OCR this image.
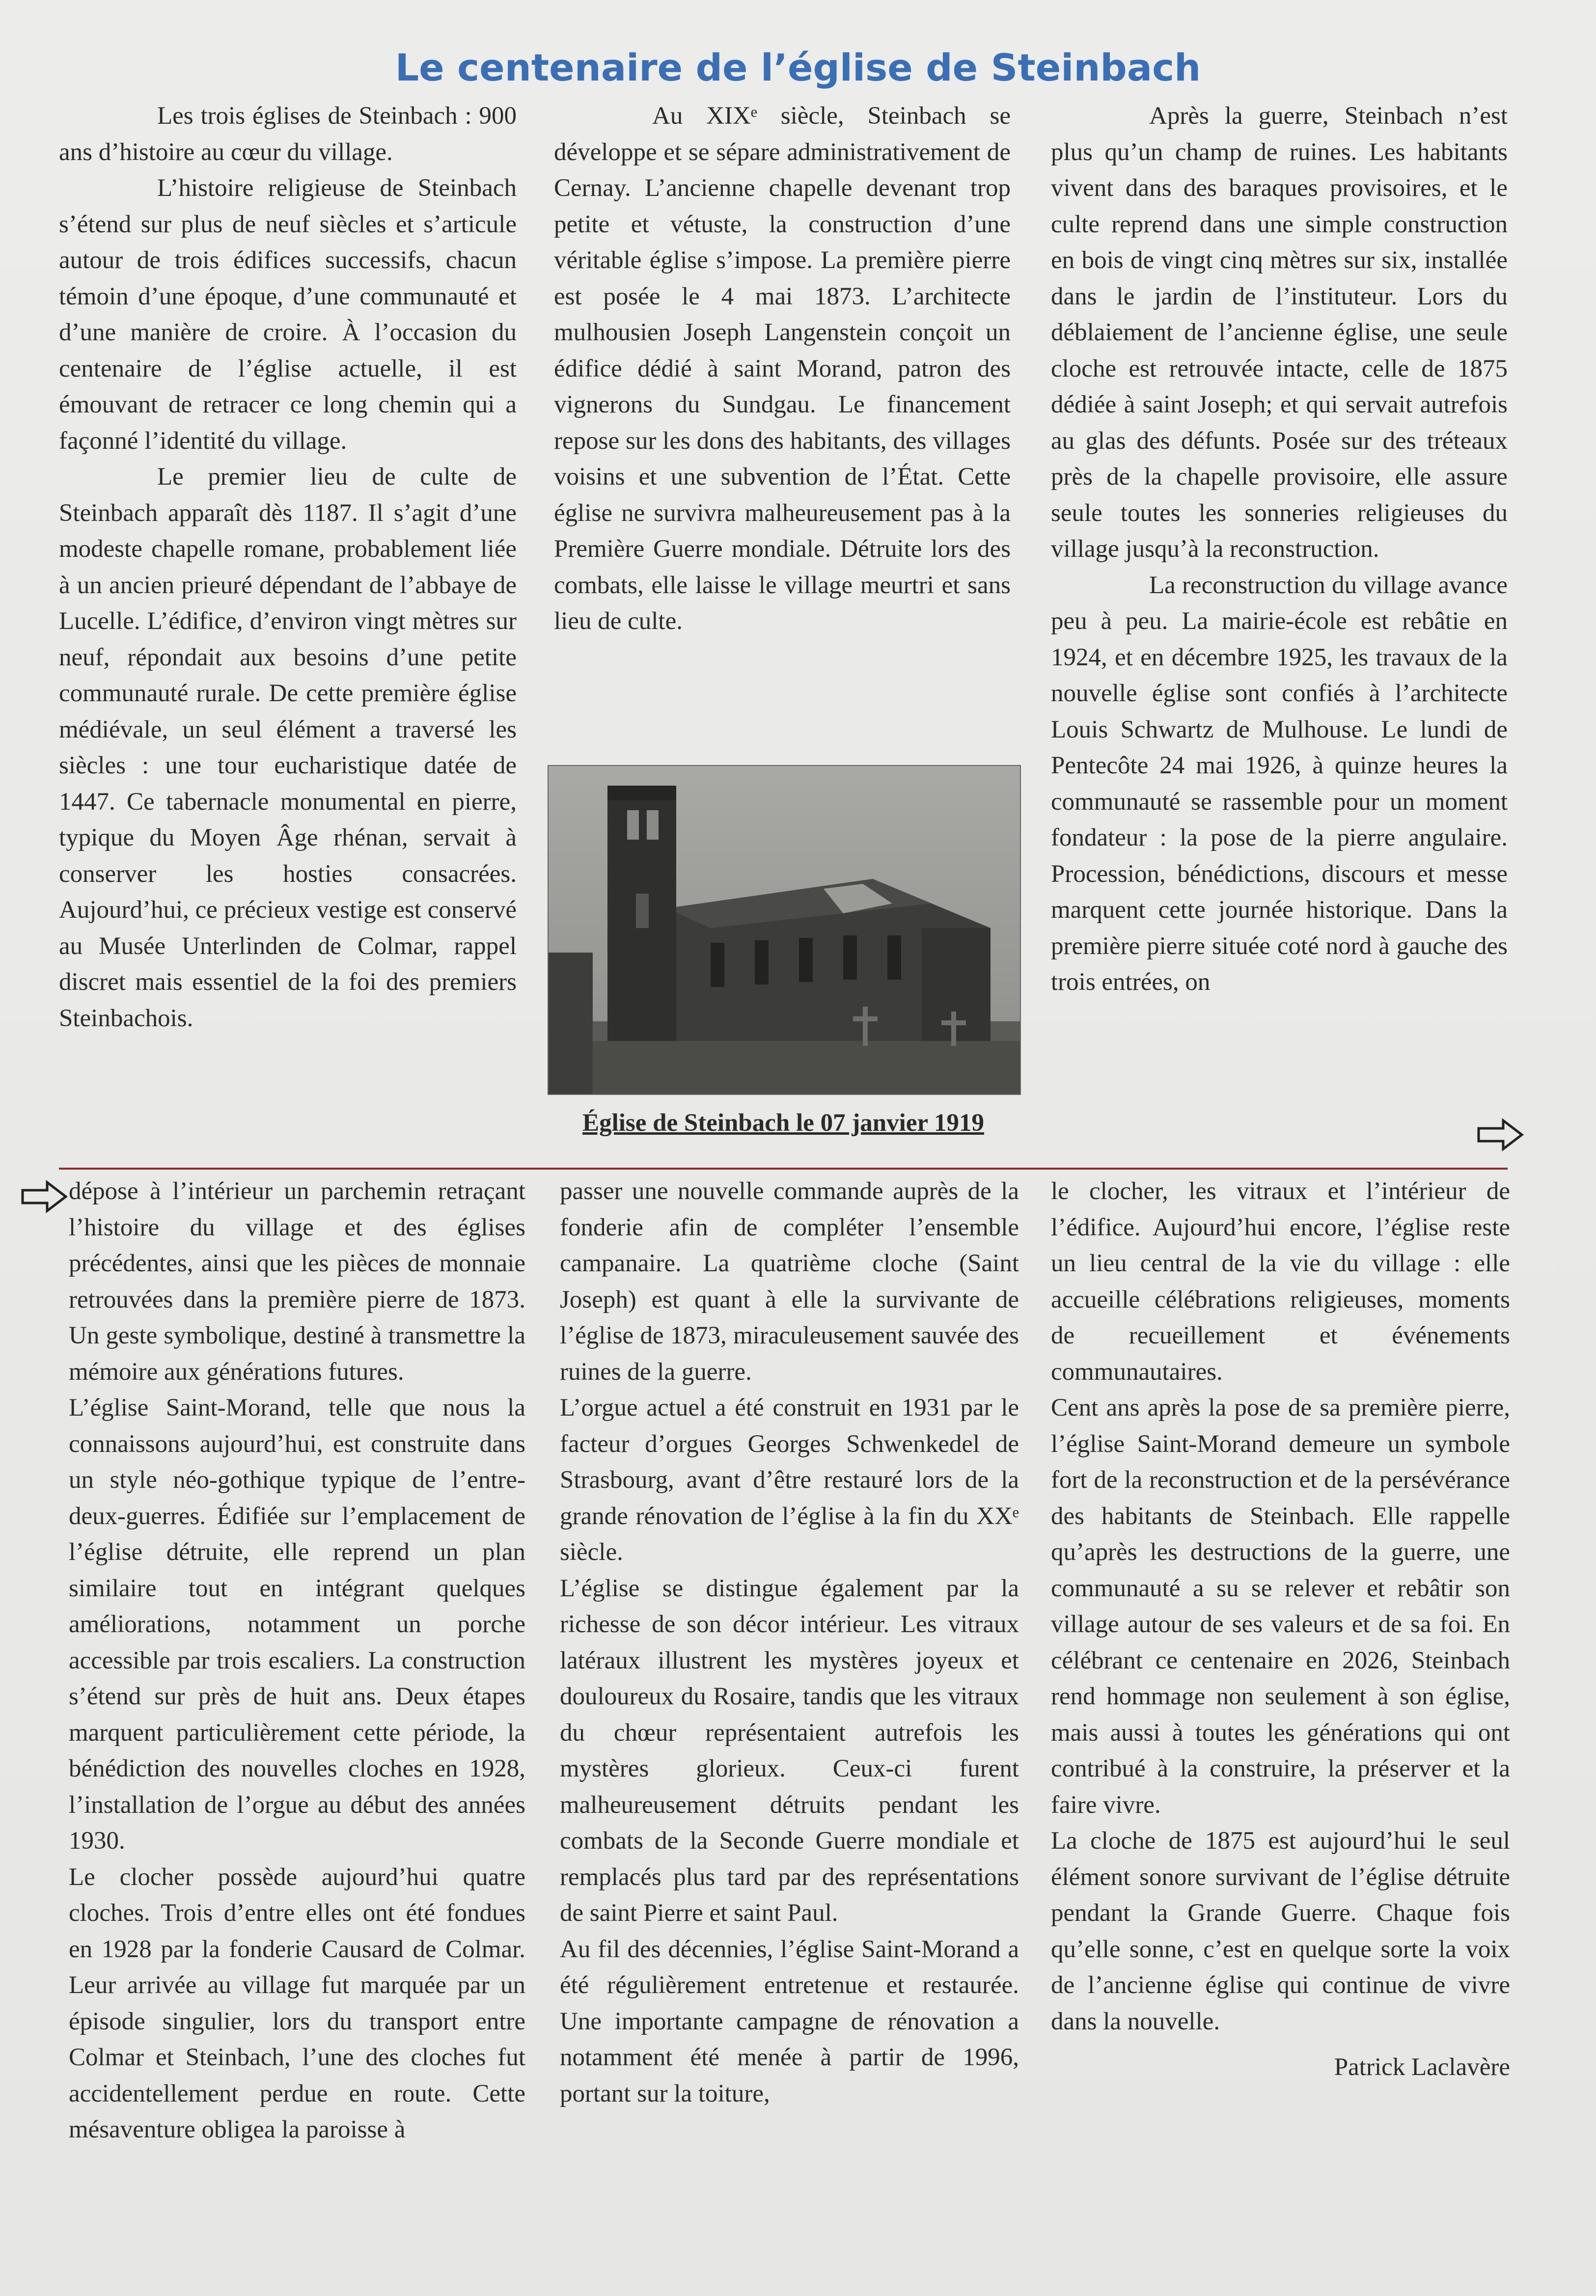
Le centenaire de l’église de Steinbach

Les trois églises de Steinbach : 900 ans d’histoire au cœur du village.

L’histoire religieuse de Steinbach s’étend sur plus de neuf siècles et s’articule autour de trois édifices successifs, chacun témoin d’une époque, d’une communauté et d’une manière de croire. À l’occasion du centenaire de l’église actuelle, il est émouvant de retracer ce long chemin qui a façonné l’identité du village.

Le premier lieu de culte de Steinbach apparaît dès 1187. Il s’agit d’une modeste chapelle romane, probablement liée à un ancien prieuré dépendant de l’abbaye de Lucelle. L’édifice, d’environ vingt mètres sur neuf, répondait aux besoins d’une petite communauté rurale. De cette première église médiévale, un seul élément a traversé les siècles : une tour eucharistique datée de 1447. Ce tabernacle monumental en pierre, typique du Moyen Âge rhénan, servait à conserver les hosties consacrées. Aujourd’hui, ce précieux vestige est conservé au Musée Unterlinden de Colmar, rappel discret mais essentiel de la foi des premiers Steinbachois.

Au XIXᵉ siècle, Steinbach se développe et se sépare administrativement de Cernay. L’ancienne chapelle devenant trop petite et vétuste, la construction d’une véritable église s’impose. La première pierre est posée le 4 mai 1873. L’architecte mulhousien Joseph Langenstein conçoit un édifice dédié à saint Morand, patron des vignerons du Sundgau. Le financement repose sur les dons des habitants, des villages voisins et une subvention de l’État. Cette église ne survivra malheureusement pas à la Première Guerre mondiale. Détruite lors des combats, elle laisse le village meurtri et sans lieu de culte.

Église de Steinbach le 07 janvier 1919

Après la guerre, Steinbach n’est plus qu’un champ de ruines. Les habitants vivent dans des baraques provisoires, et le culte reprend dans une simple construction en bois de vingt cinq mètres sur six, installée dans le jardin de l’instituteur. Lors du déblaiement de l’ancienne église, une seule cloche est retrouvée intacte, celle de 1875 dédiée à saint Joseph; et qui servait autrefois au glas des défunts. Posée sur des tréteaux près de la chapelle provisoire, elle assure seule toutes les sonneries religieuses du village jusqu’à la reconstruction.

La reconstruction du village avance peu à peu. La mairie-école est rebâtie en 1924, et en décembre 1925, les travaux de la nouvelle église sont confiés à l’architecte Louis Schwartz de Mulhouse. Le lundi de Pentecôte 24 mai 1926, à quinze heures la communauté se rassemble pour un moment fondateur : la pose de la pierre angulaire. Procession, bénédictions, discours et messe marquent cette journée historique. Dans la première pierre située coté nord à gauche des trois entrées, on

dépose à l’intérieur un parchemin retraçant l’histoire du village et des églises précédentes, ainsi que les pièces de monnaie retrouvées dans la première pierre de 1873. Un geste symbolique, destiné à transmettre la mémoire aux générations futures.

L’église Saint-Morand, telle que nous la connaissons aujourd’hui, est construite dans un style néo-gothique typique de l’entre-deux-guerres. Édifiée sur l’emplacement de l’église détruite, elle reprend un plan similaire tout en intégrant quelques améliorations, notamment un porche accessible par trois escaliers. La construction s’étend sur près de huit ans. Deux étapes marquent particulièrement cette période, la bénédiction des nouvelles cloches en 1928, l’installation de l’orgue au début des années 1930.

Le clocher possède aujourd’hui quatre cloches. Trois d’entre elles ont été fondues en 1928 par la fonderie Causard de Colmar. Leur arrivée au village fut marquée par un épisode singulier, lors du transport entre Colmar et Steinbach, l’une des cloches fut accidentellement perdue en route. Cette mésaventure obligea la paroisse à

passer une nouvelle commande auprès de la fonderie afin de compléter l’ensemble campanaire. La quatrième cloche (Saint Joseph) est quant à elle la survivante de l’église de 1873, miraculeusement sauvée des ruines de la guerre.

L’orgue actuel a été construit en 1931 par le facteur d’orgues Georges Schwenkedel de Strasbourg, avant d’être restauré lors de la grande rénovation de l’église à la fin du XXᵉ siècle.

L’église se distingue également par la richesse de son décor intérieur. Les vitraux latéraux illustrent les mystères joyeux et douloureux du Rosaire, tandis que les vitraux du chœur représentaient autrefois les mystères glorieux. Ceux-ci furent malheureusement détruits pendant les combats de la Seconde Guerre mondiale et remplacés plus tard par des représentations de saint Pierre et saint Paul.

Au fil des décennies, l’église Saint-Morand a été régulièrement entretenue et restaurée. Une importante campagne de rénovation a notamment été menée à partir de 1996, portant sur la toiture,

le clocher, les vitraux et l’intérieur de l’édifice. Aujourd’hui encore, l’église reste un lieu central de la vie du village : elle accueille célébrations religieuses, moments de recueillement et événements communautaires.

Cent ans après la pose de sa première pierre, l’église Saint-Morand demeure un symbole fort de la reconstruction et de la persévérance des habitants de Steinbach. Elle rappelle qu’après les destructions de la guerre, une communauté a su se relever et rebâtir son village autour de ses valeurs et de sa foi. En célébrant ce centenaire en 2026, Steinbach rend hommage non seulement à son église, mais aussi à toutes les générations qui ont contribué à la construire, la préserver et la faire vivre.

La cloche de 1875 est aujourd’hui le seul élément sonore survivant de l’église détruite pendant la Grande Guerre. Chaque fois qu’elle sonne, c’est en quelque sorte la voix de l’ancienne église qui continue de vivre dans la nouvelle.

Patrick Laclavère
